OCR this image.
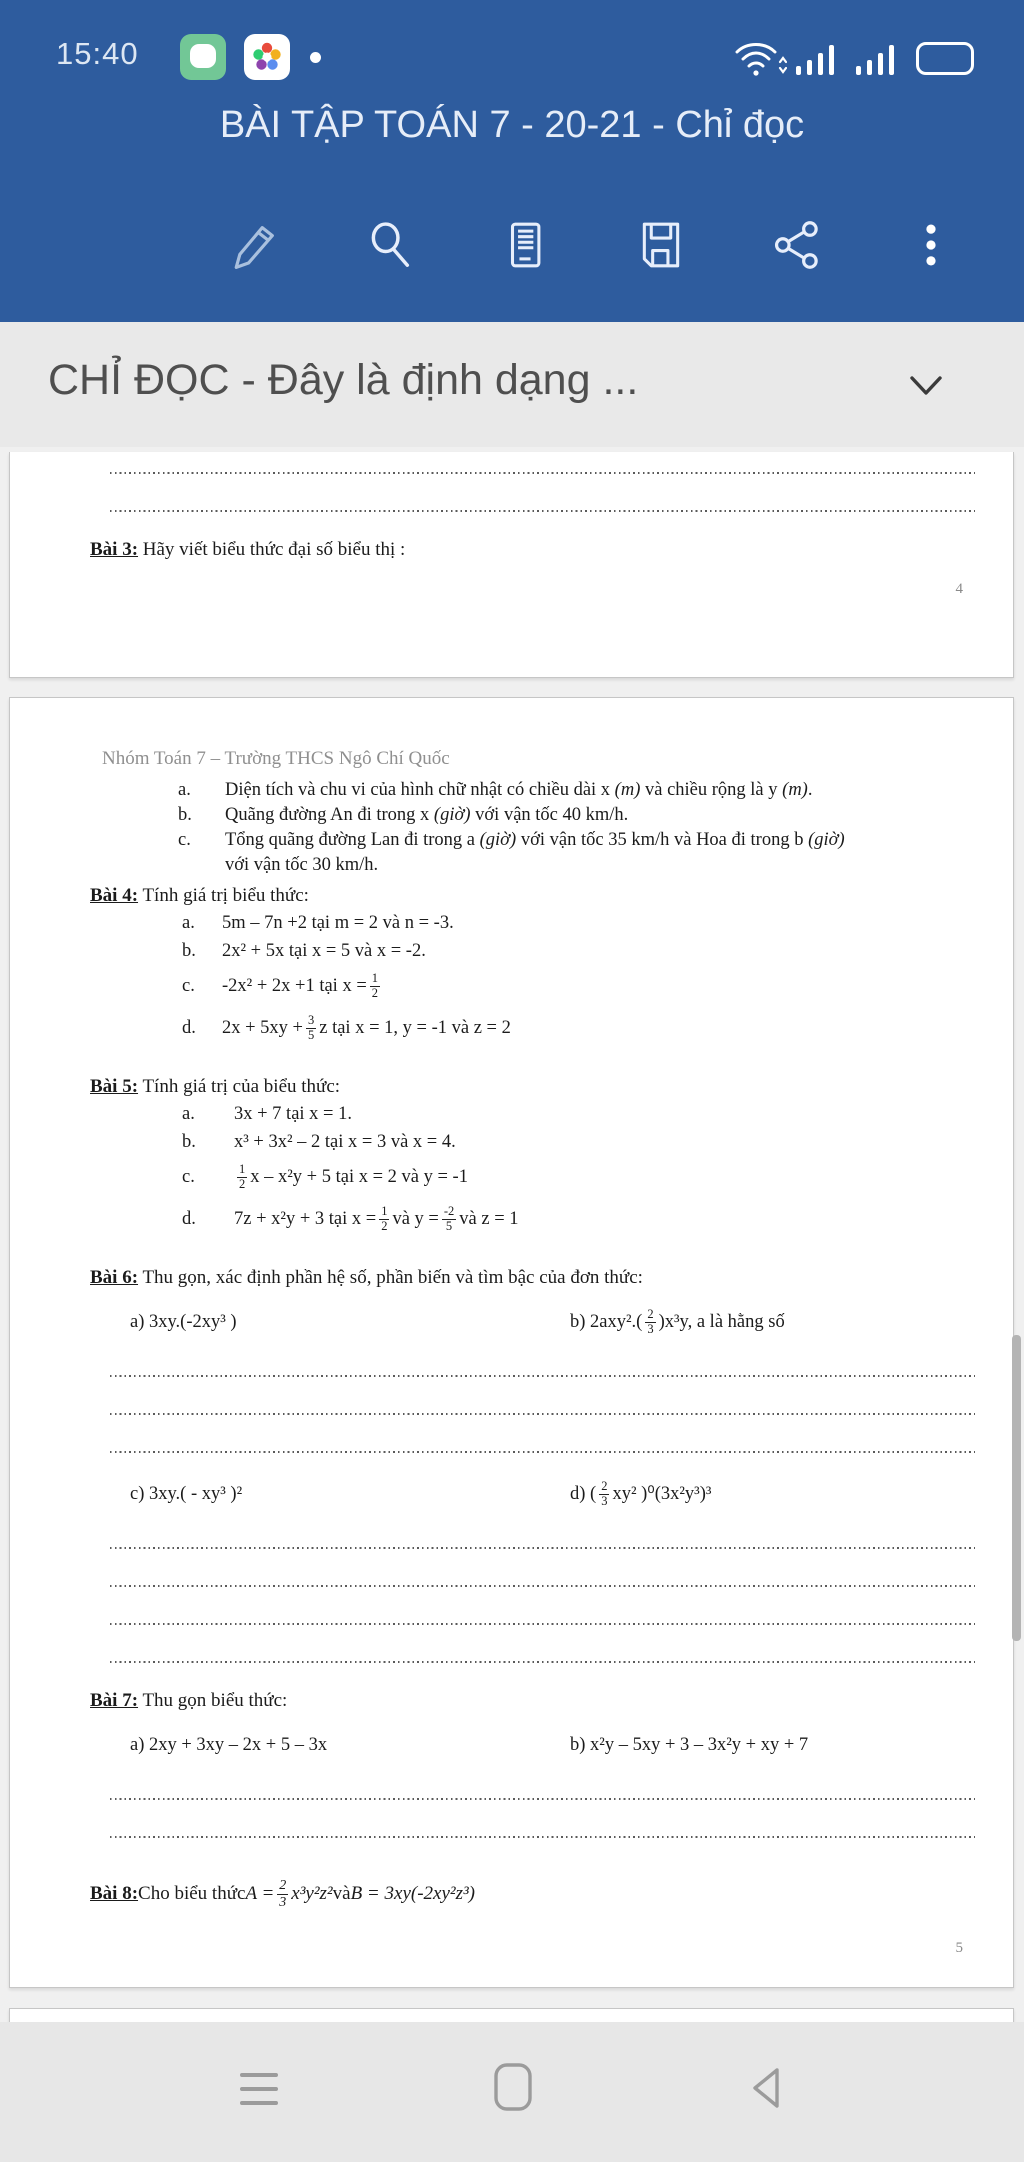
15:40
BÀI TẬP TOÁN 7 - 20-21 - Chỉ đọc
CHỈ ĐỌC - Đây là định dạng ...
Bài 3: Hãy viết biểu thức đại số biểu thị :
4
Nhóm Toán 7 – Trường THCS Ngô Chí Quốc
a. Diện tích và chu vi của hình chữ nhật có chiều dài x (m) và chiều rộng là y (m).
b. Quãng đường An đi trong x (giờ) với vận tốc 40 km/h.
c. Tổng quãng đường Lan đi trong a (giờ) với vận tốc 35 km/h và Hoa đi trong b (giờ)
với vận tốc 30 km/h.
Bài 4: Tính giá trị biểu thức:
a. 5m – 7n +2 tại m = 2 và n = -3.
b. 2x² + 5x tại x = 5 và x = -2.
c.	-2x² + 2x +1 tại $x = \frac{1}{2}$
d.	$2x + 5xy + \frac{3}{5}$ z tại x = 1, y = -1 và z = 2
Bài 5: Tính giá trị của biểu thức:
a. 3x + 7 tại x = 1.
b. x³ + 3x² – 2 tại x = 3 và x = 4.
c.	1
2 x – x²y + 5 tại x = 2 và y = -1
d.	7z + x²y + 3 tại $x = \frac{1}{2}$ và $y = \frac{-2}{5}$ và z = 1
Bài 6: Thu gọn, xác định phần hệ số, phần biến và tìm bậc của đơn thức:
a) 3xy.(-2xy³ )	b) 2axy².( 2
3 )x³y, a là hằng số
c) 3xy.( - xy³ )²	d) ( 2
3 xy² )⁰(3x²y³)³
Bài 7: Thu gọn biểu thức:
a) 2xy + 3xy – 2x + 5 – 3x	b) x²y – 5xy + 3 – 3x²y + xy + 7
Bài 8: Cho biểu thức $A = \frac{2}{3} x^3y^2z^2$ và B = 3xy(-2xy²z³)
5
